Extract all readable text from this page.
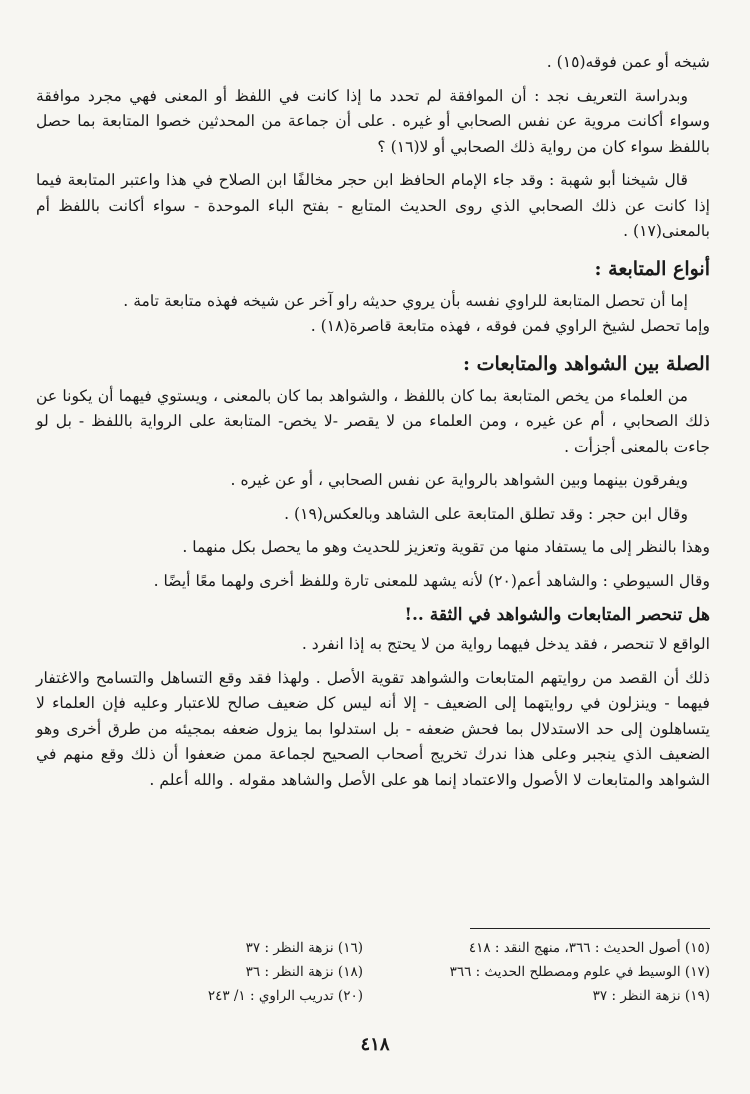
شيخه أو عمن فوقه(١٥) .

وبدراسة التعريف نجد : أن الموافقة لم تحدد ما إذا كانت في اللفظ أو المعنى فهي مجرد موافقة وسواء أكانت مروية عن نفس الصحابي أو غيره . على أن جماعة من المحدثين خصوا المتابعة بما حصل باللفظ سواء كان من رواية ذلك الصحابي أو لا(١٦) ؟

قال شيخنا أبو شهبة : وقد جاء الإمام الحافظ ابن حجر مخالفًا ابن الصلاح في هذا واعتبر المتابعة فيما إذا كانت عن ذلك الصحابي الذي روى الحديث المتابع - بفتح الباء الموحدة - سواء أكانت باللفظ أم بالمعنى(١٧) .

أنواع المتابعة :

إما أن تحصل المتابعة للراوي نفسه بأن يروي حديثه راو آخر عن شيخه فهذه متابعة تامة .

وإما تحصل لشيخ الراوي فمن فوقه ، فهذه متابعة قاصرة(١٨) .

الصلة بين الشواهد والمتابعات :

من العلماء من يخص المتابعة بما كان باللفظ ، والشواهد بما كان بالمعنى ، ويستوي فيهما أن يكونا عن ذلك الصحابي ، أم عن غيره ، ومن العلماء من لا يقصر -لا يخص- المتابعة على الرواية باللفظ - بل لو جاءت بالمعنى أجزأت .

ويفرقون بينهما وبين الشواهد بالرواية عن نفس الصحابي ، أو عن غيره .

وقال ابن حجر : وقد تطلق المتابعة على الشاهد وبالعكس(١٩) .

وهذا بالنظر إلى ما يستفاد منها من تقوية وتعزيز للحديث وهو ما يحصل بكل منهما .

وقال السيوطي : والشاهد أعم(٢٠) لأنه يشهد للمعنى تارة وللفظ أخرى ولهما معًا أيضًا .

هل تنحصر المتابعات والشواهد في الثقة ..!

الواقع لا تنحصر ، فقد يدخل فيهما رواية من لا يحتج به إذا انفرد .

ذلك أن القصد من روايتهم المتابعات والشواهد تقوية الأصل . ولهذا فقد وقع التساهل والتسامح والاغتفار فيهما - وينزلون في روايتهما إلى الضعيف - إلا أنه ليس كل ضعيف صالح للاعتبار وعليه فإن العلماء لا يتساهلون إلى حد الاستدلال بما فحش ضعفه - بل استدلوا بما يزول ضعفه بمجيئه من طرق أخرى وهو الضعيف الذي ينجبر وعلى هذا ندرك تخريج أصحاب الصحيح لجماعة ممن ضعفوا أن ذلك وقع منهم في الشواهد والمتابعات لا الأصول والاعتماد إنما هو على الأصل والشاهد مقوله . والله أعلم .

(١٥) أصول الحديث : ٣٦٦، منهج النقد : ٤١٨
(١٦) نزهة النظر : ٣٧
(١٧) الوسيط في علوم ومصطلح الحديث : ٣٦٦
(١٨) نزهة النظر : ٣٦
(١٩) نزهة النظر : ٣٧
(٢٠) تدريب الراوي : ١/ ٢٤٣
٤١٨
